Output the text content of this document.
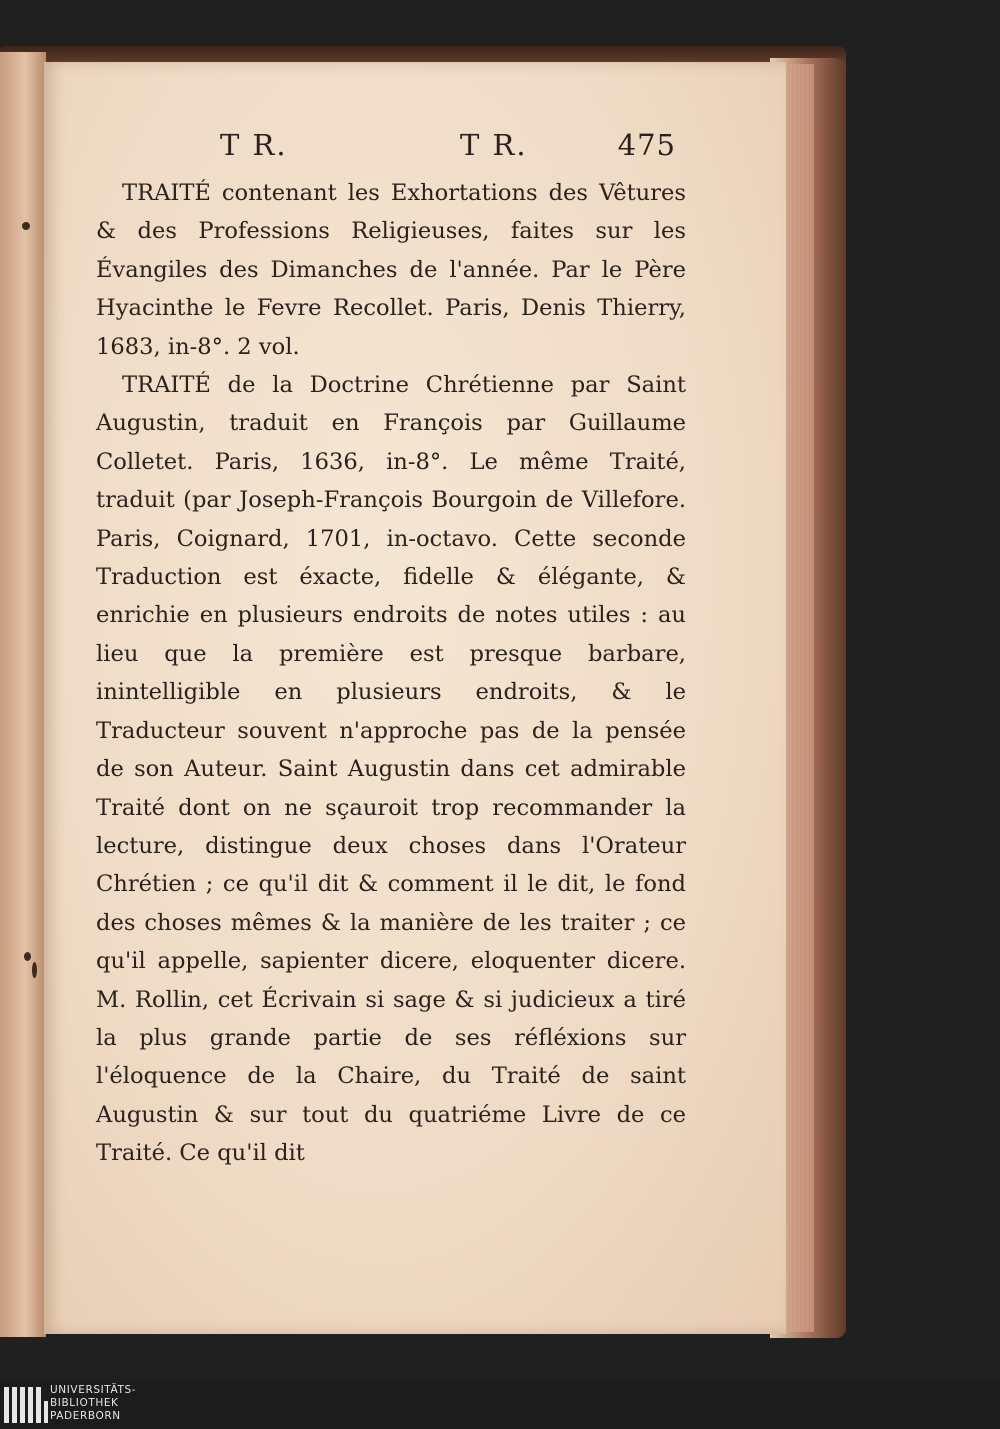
T R.	T R.	475

TRAITÉ contenant les Exhortations des Vêtures & des Professions Religieuses, faites sur les Évangiles des Dimanches de l'année. Par le Père Hyacinthe le Fevre Recollet. Paris, Denis Thierry, 1683, in-8°. 2 vol.

TRAITÉ de la Doctrine Chrétienne par Saint Augustin, traduit en François par Guillaume Colletet. Paris, 1636, in-8°. Le même Traité, traduit (par Joseph-François Bourgoin de Villefore. Paris, Coignard, 1701, in-octavo. Cette seconde Traduction est éxacte, fidelle & élégante, & enrichie en plusieurs endroits de notes utiles : au lieu que la première est presque barbare, inintelligible en plusieurs endroits, & le Traducteur souvent n'approche pas de la pensée de son Auteur. Saint Augustin dans cet admirable Traité dont on ne sçauroit trop recommander la lecture, distingue deux choses dans l'Orateur Chrétien ; ce qu'il dit & comment il le dit, le fond des choses mêmes & la manière de les traiter ; ce qu'il appelle, sapienter dicere, eloquenter dicere. M. Rollin, cet Écrivain si sage & si judicieux a tiré la plus grande partie de ses réfléxions sur l'éloquence de la Chaire, du Traité de saint Augustin & sur tout du quatriéme Livre de ce Traité. Ce qu'il dit

UNIVERSITÄTS-
BIBLIOTHEK
PADERBORN
